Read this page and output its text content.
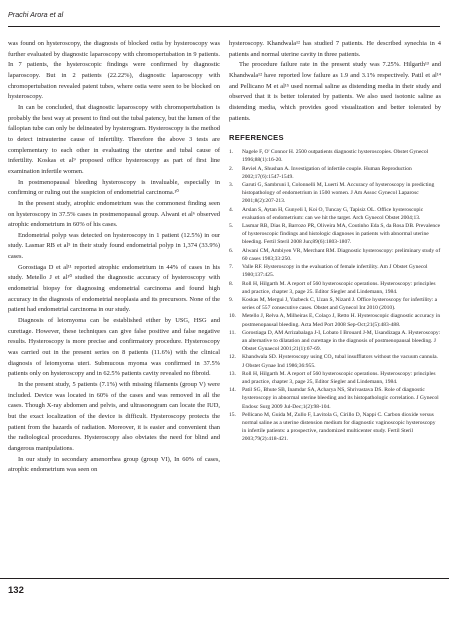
Prachi Arora et al

was found on hysteroscopy, the diagnosis of blocked ostia by hysteroscopy was further evaluated by diagnostic laparoscopy with chromopertubation in 9 patients. In 7 patients, the hysteroscopic findings were confirmed by diagnostic laparoscopy. But in 2 patients (22.22%), diagnostic laparoscopy with chromopertubation revealed patent tubes, where ostia were seen to be blocked on hysteroscopy.

In can be concluded, that diagnostic laparoscopy with chromopertubation is probably the best way at present to find out the tubal patency, but the lumen of the fallopian tube can only be delineated by hysterogram. Hysteroscopy is the method to detect intrauterine cause of infertility. Therefore the above 3 tests are complementary to each other in evaluating the uterine and tubal cause of infertility. Koskas et al⁹ proposed office hysteroscopy as part of first line examination infertile women.

In postmenopausal bleeding hysteroscopy is invaluable, especially in confirming or ruling out the suspicion of endometrial carcinoma.¹⁰

In the present study, atrophic endometrium was the commonest finding seen on hysteroscopy in 37.5% cases in postmenopausal group. Alwani et al⁶ observed atrophic endometrium in 60% of his cases.

Endometrial polyp was detected on hysteroscopy in 1 patient (12.5%) in our study. Lasmar RB et al⁵ in their study found endometrial polyp in 1,374 (33.9%) cases.

Gorostiaga D et al¹¹ reported atrophic endometrium in 44% of cases in his study. Metello J et al¹⁰ studied the diagnostic accuracy of hysteroscopy with endometrial biopsy for diagnosing endometrial carcinoma and found high accuracy in the diagnosis of endometrial neoplasia and its precursors. None of the patient had endometrial carcinoma in our study.

Diagnosis of leiomyoma can be established either by USG, HSG and curettage. However, these techniques can give false positive and false negative results. Hysteroscopy is more precise and confirmatory procedure. Hysteroscopy was carried out in the present series on 8 patients (11.6%) with the clinical diagnosis of leiomyoma uteri. Submucous myoma was confirmed in 37.5% patients only on hysteroscopy and in 62.5% patients cavity revealed no fibroid.

In the present study, 5 patients (7.1%) with missing filaments (group V) were included. Device was located in 60% of the cases and was removed in all the cases. Though X-ray abdomen and pelvis, and ultrasonogram can locate the IUD, but the exact localization of the device is difficult. Hysteroscopy protects the patient from the hazards of radiation. Moreover, it is easier and convenient than the radiological procedures. Hysteroscopy also obviates the need for blind and dangerous manipulations.

In our study in secondary amenorrhea group (group VI), In 60% of cases, atrophic endometrium was seen on

hysteroscopy. Khandwala¹² has studied 7 patients. He described synechia in 4 patients and normal uterine cavity in three patients.

The procedure failure rate in the present study was 7.25%. Hilgarth¹³ and Khandwala¹² have reported low failure as 1.9 and 3.1% respectively. Patil et al¹⁴ and Pellicano M et al¹⁵ used normal saline as distending media in their study and observed that it is better tolerated by patients. We also used isotonic saline as distending media, which provides good visualization and better tolerated by patients.

REFERENCES
1.	Nagele F, O' Connor H. 2500 outpatients diagnostic hysteroscopies. Obstet Gynecol 1996;88(1):16-20.
2.	Reviel A, Shushan A. Investigation of infertile couple. Human Reproduction 2002;17(6):1547-1549.
3.	Garuti G, Sambruni I, Colonnelli M, Luerti M. Accuracy of hysteroscopy in predicting histopathology of endometrium in 1500 women. J Am Assoc Gynecol Laparosc 2001;8(2):207-213.
4.	Arslan S, Aytan H, Gunyeli I, Koi O, Tuncay G, Tapisiz OL. Office hysteroscopic evaluation of endometrium: can we hit the target. Arch Gynecol Obstet 2004;13.
5.	Lasmar RB, Dias R, Barrozo PR, Oliveira MA, Coutinho Eda S, da Rosa DB. Prevalence of hysteroscopic findings and histologic diagnoses in patients with abnormal uterine bleeding. Fertil Steril 2008 Jun;89(6):1803-1807.
6.	Alwani CM, Ambiyen VR, Merchant RM. Diagnostic hysteroscopy: preliminary study of 60 cases 1983;33:250.
7.	Valle RF. Hysteroscopy in the evaluation of female infertility. Am J Obstet Gynecol 1980;137:425.
8.	Roll H, Hilgarth M. A report of 560 hysteroscopic operations. Hysteroscopy: principles and practice, chapter 3, page 25. Editor Siegler and Lindemann, 1984.
9.	Koskas M, Mergui J, Yazbeck C, Uzan S, Nizard J. Office hysteroscopy for infertility: a series of 557 consecutive cases. Obstet and Gynecol Int 2010 (2010).
10.	Metello J, Relva A, Milheiras E, Colaço J, Retto H. Hysteroscopic diagnostic accuracy in postmenopausal bleeding. Acta Med Port 2008 Sep-Oct;21(5):483-488.
11.	Gorostiaga D, AM Arrizabalaga J-I, Lobato I Brouard J-M, Usandizaga A. Hysteroscopy: an alternative to dilatation and curettage in the diagnosis of postmenopausal bleeding. J Obstet Gynaecol 2001;21(1):67-69.
12.	Khandwala SD. Hysteroscopy using CO₂ tubal insufflators without the vacuum cannula. J Obstet Gynae Ind 1986;36:955.
13.	Roll H, Hilgarth M. A report of 560 hysteroscopic operations. Hysteroscopy: principles and practice, chapter 3, page 25, Editor Siegler and Lindemann, 1984.
14.	Patil SG, Bhute SB, Inamdar SA, Acharya NS, Shrivastava DS. Role of diagnostic hysteroscopy in abnormal uterine bleeding and its histopathologic correlation. J Gynecol Endosc Surg 2009 Jul-Dec;1(2):98-104.
15.	Pellicano M, Guida M, Zullo F, Lavitola G, Cirillo D, Nappi C. Carbon dioxide versus normal saline as a uterine distension medium for diagnostic vaginoscopic hysteroscopy in infertile patients: a prospective, randomized multicenter study. Fertil Steril 2003;79(2):418-421.
132
